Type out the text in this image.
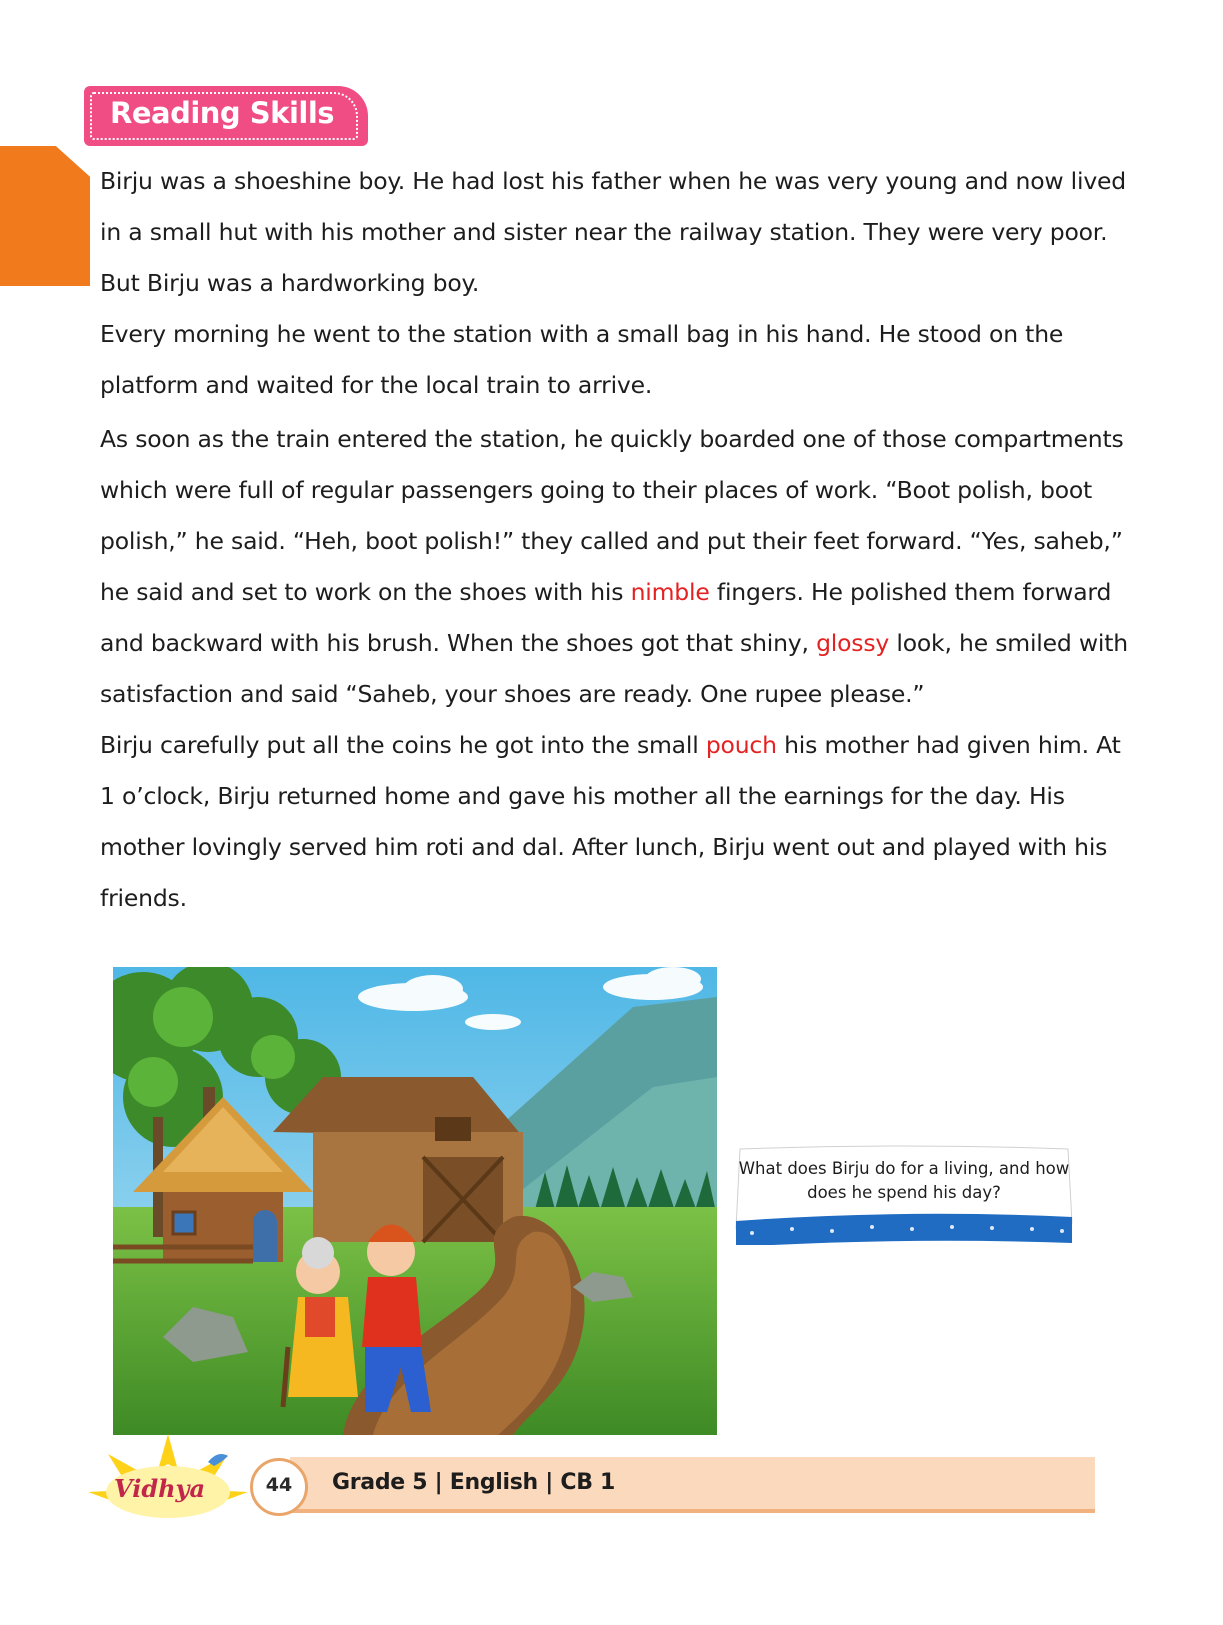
Reading Skills

Birju was a shoeshine boy. He had lost his father when he was very young and now lived in a small hut with his mother and sister near the railway station. They were very poor. But Birju was a hardworking boy.

Every morning he went to the station with a small bag in his hand. He stood on the platform and waited for the local train to arrive.

As soon as the train entered the station, he quickly boarded one of those compartments which were full of regular passengers going to their places of work. “Boot polish, boot polish,” he said. “Heh, boot polish!” they called and put their feet forward. “Yes, saheb,” he said and set to work on the shoes with his nimble fingers. He polished them forward and backward with his brush. When the shoes got that shiny, glossy look, he smiled with satisfaction and said “Saheb, your shoes are ready. One rupee please.”

Birju carefully put all the coins he got into the small pouch his mother had given him. At 1 o’clock, Birju returned home and gave his mother all the earnings for the day. His mother lovingly served him roti and dal. After lunch, Birju went out and played with his friends.

What does Birju do for a living, and how does he spend his day?
Grade 5 | English | CB 1
44
Vidhya
